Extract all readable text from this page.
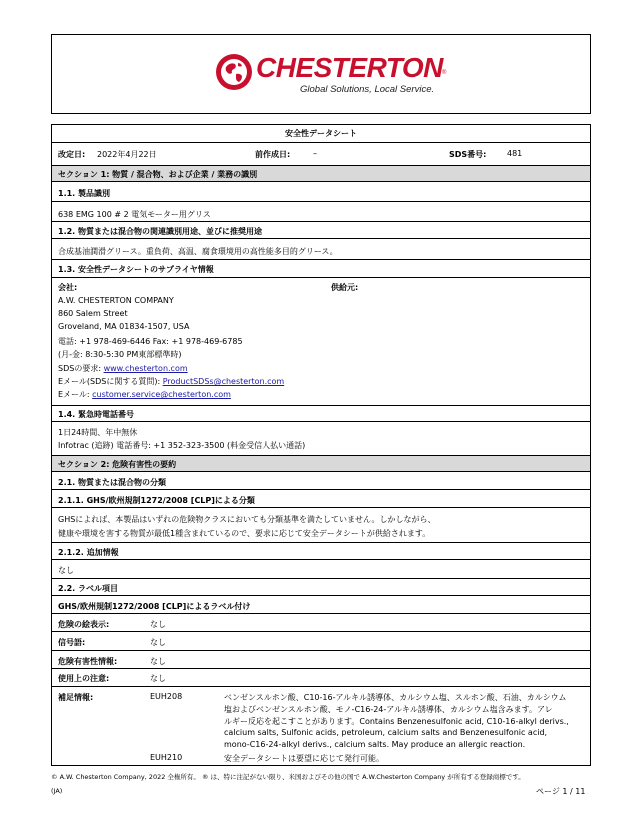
CHESTERTON ®
Global Solutions, Local Service.
安全性データシート
改定日: 2022年4月22日	前作成日:	–	SDS番号:	481
セクション 1: 物質 / 混合物、および企業 / 業務の識別
1.1. 製品識別
638 EMG 100 # 2 電気モーター用グリス
1.2. 物質または混合物の関連識別用途、並びに推奨用途
合成基油潤滑グリース。重負荷、高温、腐食環境用の高性能多目的グリース。
1.3. 安全性データシートのサプライヤ情報
会社:	供給元:
A.W. CHESTERTON COMPANY
860 Salem Street
Groveland, MA 01834-1507, USA
電話: +1 978-469-6446 Fax: +1 978-469-6785
(月-金: 8:30-5:30 PM東部標準時)
SDSの要求: www.chesterton.com
Eメール(SDSに関する質問): ProductSDSs@chesterton.com
Eメール: customer.service@chesterton.com
1.4. 緊急時電話番号
1日24時間、年中無休
Infotrac (追跡) 電話番号: +1 352-323-3500 (料金受信人払い通話)
セクション 2: 危険有害性の要約
2.1. 物質または混合物の分類
2.1.1. GHS/欧州規制1272/2008 [CLP]による分類
GHSによれば、本製品はいずれの危険物クラスにおいても分類基準を満たしていません。しかしながら、
健康や環境を害する物質が最低1種含まれているので、要求に応じて安全データシートが供給されます。
2.1.2. 追加情報
なし
2.2. ラベル項目
GHS/欧州規制1272/2008 [CLP]によるラベル付け
危険の絵表示:	なし
信号語:	なし
危険有害性情報:	なし
使用上の注意:	なし
補足情報:	EUH208	ベンゼンスルホン酸、C10-16-アルキル誘導体、カルシウム塩、スルホン酸、石油、カルシウム
塩およびベンゼンスルホン酸、モノ-C16-24-アルキル誘導体、カルシウム塩含みます。アレ
ルギー反応を起こすことがあります。Contains Benzenesulfonic acid, C10-16-alkyl derivs.,
calcium salts, Sulfonic acids, petroleum, calcium salts and Benzenesulfonic acid,
mono-C16-24-alkyl derivs., calcium salts. May produce an allergic reaction.
EUH210	安全データシートは要望に応じて発行可能。
© A.W. Chesterton Company, 2022 全権所有。 ® は、特に注記がない限り、米国およびその他の国で A.W.Chesterton Company が所有する登録商標です。
(JA)	ページ 1 / 11
